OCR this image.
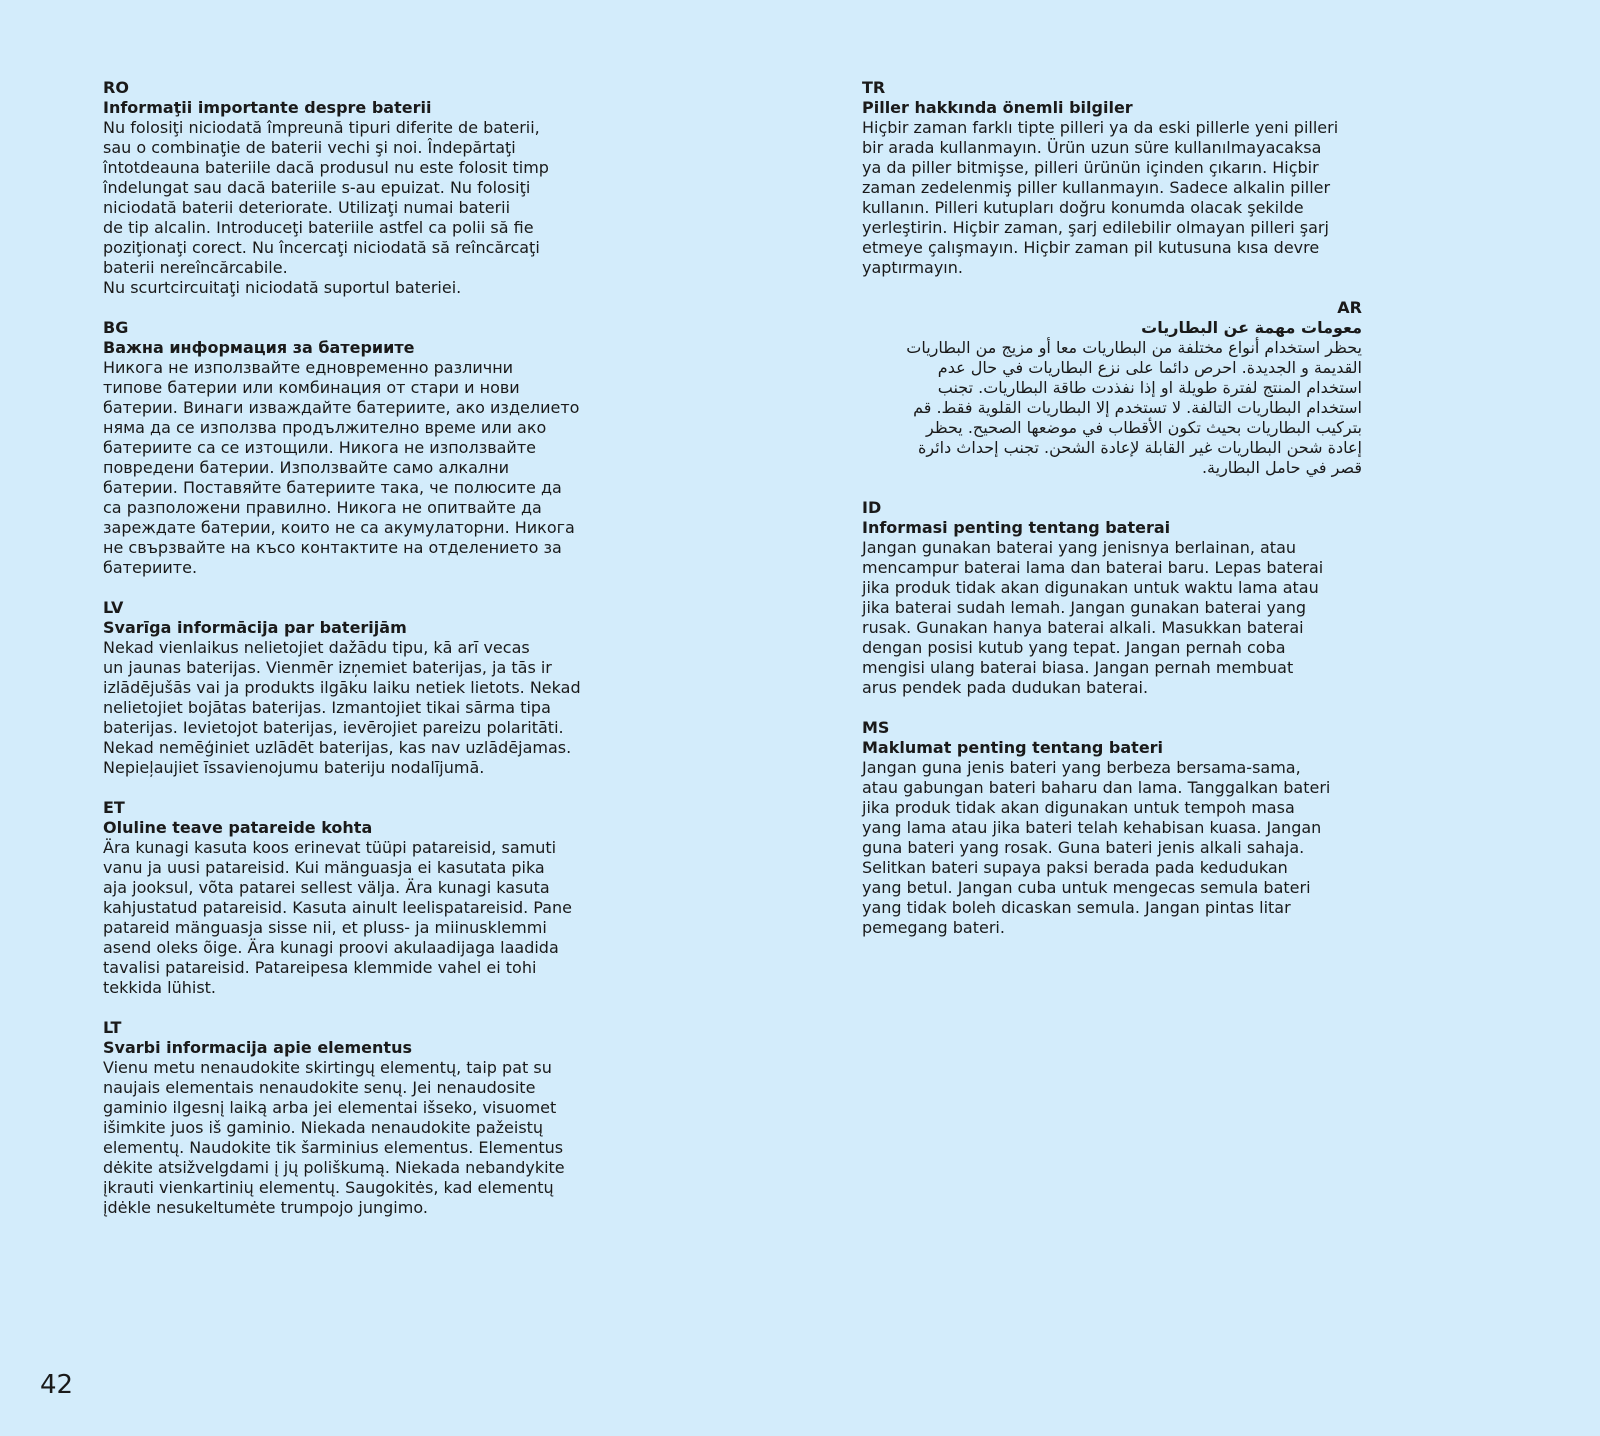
RO
Informaţii importante despre baterii
Nu folosiţi niciodată împreună tipuri diferite de baterii,
sau o combinaţie de baterii vechi şi noi. Îndepărtaţi
întotdeauna bateriile dacă produsul nu este folosit timp
îndelungat sau dacă bateriile s-au epuizat. Nu folosiţi
niciodată baterii deteriorate. Utilizaţi numai baterii
de tip alcalin. Introduceţi bateriile astfel ca polii să fie
poziţionaţi corect. Nu încercaţi niciodată să reîncărcaţi
baterii nereîncărcabile.
Nu scurtcircuitaţi niciodată suportul bateriei.
BG
Важна информация за батериите
Никога не използвайте едновременно различни
типове батерии или комбинация от стари и нови
батерии. Винаги изваждайте батериите, ако изделието
няма да се използва продължително време или ако
батериите са се изтощили. Никога не използвайте
повредени батерии. Използвайте само алкални
батерии. Поставяйте батериите така, че полюсите да
са разположени правилно. Никога не опитвайте да
зареждате батерии, които не са акумулаторни. Никога
не свързвайте на късо контактите на отделението за
батериите.
LV
Svarīga informācija par baterijām
Nekad vienlaikus nelietojiet dažādu tipu, kā arī vecas
un jaunas baterijas. Vienmēr izņemiet baterijas, ja tās ir
izlādējušās vai ja produkts ilgāku laiku netiek lietots. Nekad
nelietojiet bojātas baterijas. Izmantojiet tikai sārma tipa
baterijas. Ievietojot baterijas, ievērojiet pareizu polaritāti.
Nekad nemēģiniet uzlādēt baterijas, kas nav uzlādējamas.
Nepieļaujiet īssavienojumu bateriju nodalījumā.
ET
Oluline teave patareide kohta
Ära kunagi kasuta koos erinevat tüüpi patareisid, samuti
vanu ja uusi patareisid. Kui mänguasja ei kasutata pika
aja jooksul, võta patarei sellest välja. Ära kunagi kasuta
kahjustatud patareisid. Kasuta ainult leelispatareisid. Pane
patareid mänguasja sisse nii, et pluss- ja miinusklemmi
asend oleks õige. Ära kunagi proovi akulaadijaga laadida
tavalisi patareisid. Patareipesa klemmide vahel ei tohi
tekkida lühist.
LT
Svarbi informacija apie elementus
Vienu metu nenaudokite skirtingų elementų, taip pat su
naujais elementais nenaudokite senų. Jei nenaudosite
gaminio ilgesnį laiką arba jei elementai išseko, visuomet
išimkite juos iš gaminio. Niekada nenaudokite pažeistų
elementų. Naudokite tik šarminius elementus. Elementus
dėkite atsižvelgdami į jų poliškumą. Niekada nebandykite
įkrauti vienkartinių elementų. Saugokitės, kad elementų
įdėkle nesukeltumėte trumpojo jungimo.
TR
Piller hakkında önemli bilgiler
Hiçbir zaman farklı tipte pilleri ya da eski pillerle yeni pilleri
bir arada kullanmayın. Ürün uzun süre kullanılmayacaksa
ya da piller bitmişse, pilleri ürünün içinden çıkarın. Hiçbir
zaman zedelenmiş piller kullanmayın. Sadece alkalin piller
kullanın. Pilleri kutupları doğru konumda olacak şekilde
yerleştirin. Hiçbir zaman, şarj edilebilir olmayan pilleri şarj
etmeye çalışmayın. Hiçbir zaman pil kutusuna kısa devre
yaptırmayın.
AR
معومات مهمة عن البطاريات
يحظر استخدام أنواع مختلفة من البطاريات معا أو مزيج من البطاريات
القديمة و الجديدة. احرص دائما على نزع البطاريات في حال عدم
استخدام المنتج لفترة طويلة او إذا نفذدت طاقة البطاريات. تجنب
استخدام البطاريات التالفة. لا تستخدم إلا البطاريات القلوية فقط. قم
بتركيب البطاريات بحيث تكون الأقطاب في موضعها الصحيح. يحظر
إعادة شحن البطاريات غير القابلة لإعادة الشحن. تجنب إحداث دائرة
قصر في حامل البطارية.
ID
Informasi penting tentang baterai
Jangan gunakan baterai yang jenisnya berlainan, atau
mencampur baterai lama dan baterai baru. Lepas baterai
jika produk tidak akan digunakan untuk waktu lama atau
jika baterai sudah lemah. Jangan gunakan baterai yang
rusak. Gunakan hanya baterai alkali. Masukkan baterai
dengan posisi kutub yang tepat. Jangan pernah coba
mengisi ulang baterai biasa. Jangan pernah membuat
arus pendek pada dudukan baterai.
MS
Maklumat penting tentang bateri
Jangan guna jenis bateri yang berbeza bersama-sama,
atau gabungan bateri baharu dan lama. Tanggalkan bateri
jika produk tidak akan digunakan untuk tempoh masa
yang lama atau jika bateri telah kehabisan kuasa. Jangan
guna bateri yang rosak. Guna bateri jenis alkali sahaja.
Selitkan bateri supaya paksi berada pada kedudukan
yang betul. Jangan cuba untuk mengecas semula bateri
yang tidak boleh dicaskan semula. Jangan pintas litar
pemegang bateri.
42
